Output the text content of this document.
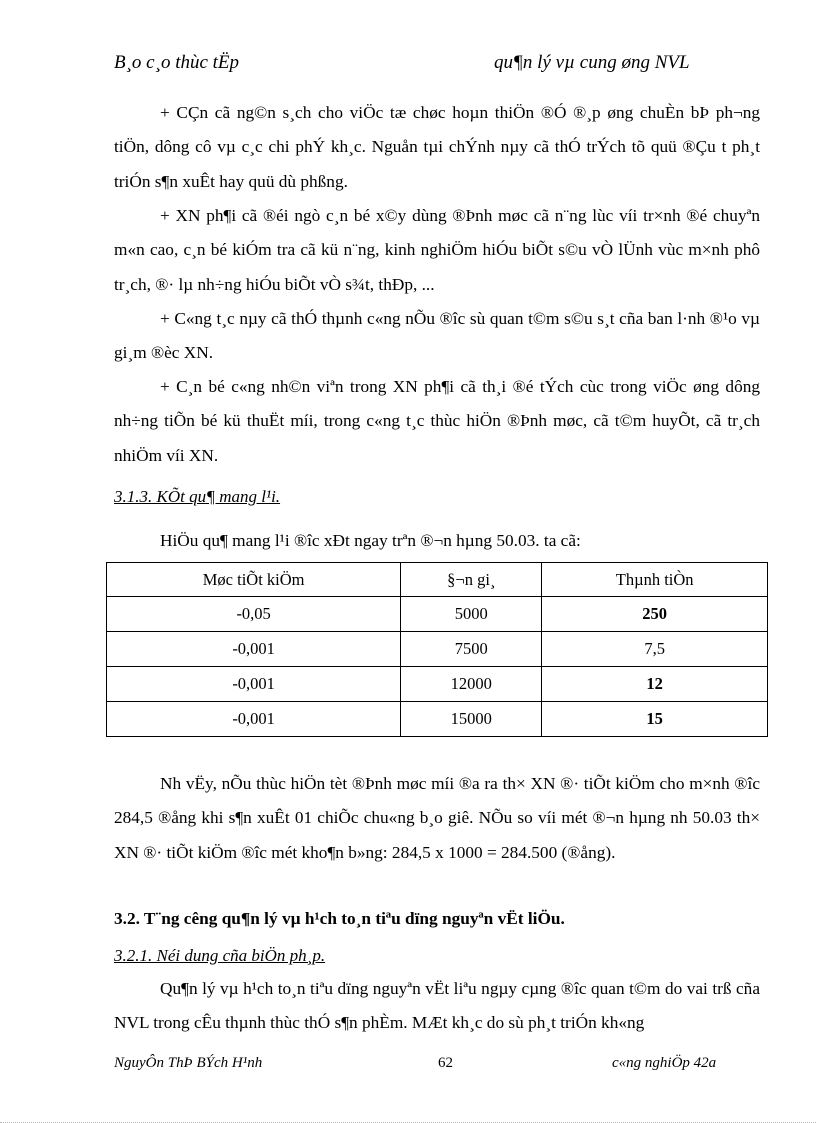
B¸o c¸o thùc tËp	qu¶n lý vµ cung øng NVL

+ CÇn cã ng©n s¸ch cho viÖc tæ chøc hoµn thiÖn ®Ó ®¸p øng chuÈn bÞ ph¬ng tiÖn, dông cô vµ c¸c chi phÝ kh¸c. Nguån tµi chÝnh nµy cã thÓ trÝch tõ quü ®Çu t ph¸t triÓn s¶n xuÊt hay quü dù phßng.

+ XN ph¶i cã ®éi ngò c¸n bé x©y dùng ®Þnh møc cã n¨ng lùc víi tr×nh ®é chuyªn m«n cao, c¸n bé kiÓm tra cã kü n¨ng, kinh nghiÖm hiÓu biÕt s©u vÒ lÜnh vùc m×nh phô tr¸ch, ®· lµ nh÷ng hiÓu biÕt vÒ s¾t, thÐp, ...

+ C«ng t¸c nµy cã thÓ thµnh c«ng nÕu ®îc sù quan t©m s©u s¸t cña ban l·nh ®¹o vµ gi¸m ®èc XN.

+ C¸n bé c«ng nh©n viªn trong XN ph¶i cã th¸i ®é tÝch cùc trong viÖc øng dông nh÷ng tiÕn bé kü thuËt míi, trong c«ng t¸c thùc hiÖn ®Þnh møc, cã t©m huyÕt, cã tr¸ch nhiÖm víi XN.

3.1.3. KÕt qu¶ mang l¹i.

HiÖu qu¶ mang l¹i ®îc xÐt ngay trªn ®¬n hµng 50.03. ta cã:

Møc tiÕt kiÖm	§¬n gi¸	Thµnh tiÒn
-0,05	5000	250
-0,001	7500	7,5
-0,001	12000	12
-0,001	15000	15

Nh vËy, nÕu thùc hiÖn tèt ®Þnh møc míi ®a ra th× XN ®· tiÕt kiÖm cho m×nh ®îc 284,5 ®ång khi s¶n xuÊt 01 chiÕc chu«ng b¸o giê. NÕu so víi mét ®¬n hµng nh 50.03 th× XN ®· tiÕt kiÖm ®îc mét kho¶n b»ng: 284,5 x 1000 = 284.500 (®ång).

3.2. T¨ng cêng qu¶n lý vµ h¹ch to¸n tiªu dïng nguyªn vËt liÖu.
3.2.1. Néi dung cña biÖn ph¸p.

Qu¶n lý vµ h¹ch to¸n tiªu dïng nguyªn vËt liªu ngµy cµng ®îc quan t©m do vai trß cña NVL trong cÊu thµnh thùc thÓ s¶n phÈm. MÆt kh¸c do sù ph¸t triÓn kh«ng

NguyÔn ThÞ BÝch H¹nh	62	c«ng nghiÖp 42a
